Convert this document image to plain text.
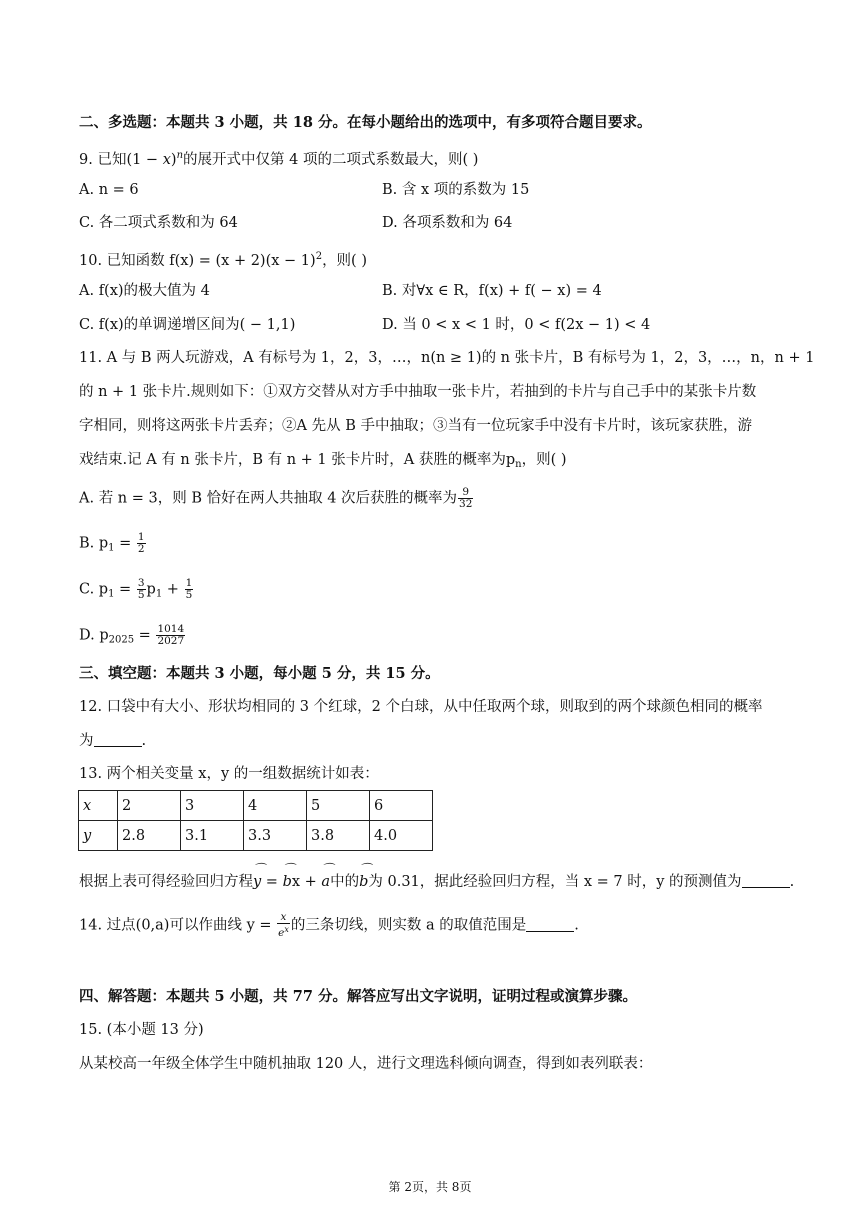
二、多选题：本题共 3 小题，共 18 分。在每小题给出的选项中，有多项符合题目要求。
9. 已知$(1 - x)^n$的展开式中仅第 4 项的二项式系数最大，则( )
A. n = 6	B. 含 x 项的系数为 15
C. 各二项式系数和为 64	D. 各项系数和为 64
10. 已知函数 $f(x) = (x + 2)(x - 1)^2$，则( )
A. f(x)的极大值为 4	B. 对∀x ∈ R，f(x) + f( − x) = 4
C. f(x)的单调递增区间为( − 1,1)	D. 当 0 < x < 1 时，0 < f(2x − 1) < 4
11. A 与 B 两人玩游戏，A 有标号为 1，2，3，…，n(n ≥ 1)的 n 张卡片，B 有标号为 1，2，3，…，n，n + 1
的 n + 1 张卡片.规则如下：①双方交替从对方手中抽取一张卡片，若抽到的卡片与自己手中的某张卡片数
字相同，则将这两张卡片丢弃；②A 先从 B 手中抽取；③当有一位玩家手中没有卡片时，该玩家获胜，游
戏结束.记 A 有 n 张卡片，B 有 n + 1 张卡片时，A 获胜的概率为$p_n$，则( )
A. 若 n = 3，则 B 恰好在两人共抽取 4 次后获胜的概率为 $\frac{9}{32}$
B. $p_1 = \frac{1}{2}$
C. $p_1 = \frac{3}{5} p_1 + \frac{1}{5}$
D. $p_{2025} = \frac{1014}{2027}$
三、填空题：本题共 3 小题，每小题 5 分，共 15 分。
12. 口袋中有大小、形状均相同的 3 个红球，2 个白球，从中任取两个球，则取到的两个球颜色相同的概率
为	.
13. 两个相关变量 x，y 的一组数据统计如表：
x	2	3	4	5	6
y	2.8	3.1	3.3	3.8	4.0
根据上表可得经验回归方程⌒ y = ⌒ bx + ⌒ a中的⌒ b为 0.31，据此经验回归方程，当 x = 7 时，y 的预测值为	.
14. 过点(0,a)可以作曲线 $y = \frac{x}{e^x}$ 的三条切线，则实数 a 的取值范围是	.
四、解答题：本题共 5 小题，共 77 分。解答应写出文字说明，证明过程或演算步骤。
15. (本小题 13 分)
从某校高一年级全体学生中随机抽取 120 人，进行文理选科倾向调查，得到如表列联表：
第 2页，共 8页
